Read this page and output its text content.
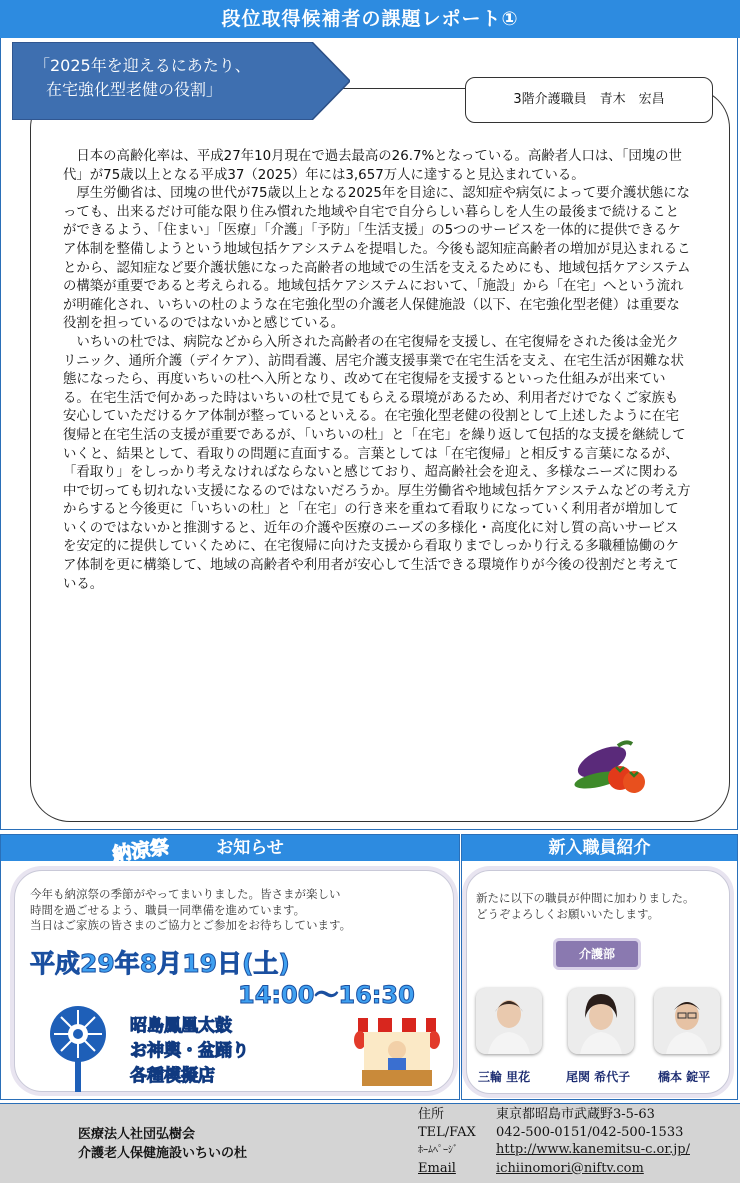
段位取得候補者の課題レポート①
「2025年を迎えるにあたり、
在宅強化型老健の役割」
3階介護職員　青木　宏昌

日本の高齢化率は、平成27年10月現在で過去最高の26.7%となっている。高齢者人口は、「団塊の世代」が75歳以上となる平成37（2025）年には3,657万人に達すると見込まれている。

厚生労働省は、団塊の世代が75歳以上となる2025年を目途に、認知症や病気によって要介護状態になっても、出来るだけ可能な限り住み慣れた地域や自宅で自分らしい暮らしを人生の最後まで続けることができるよう、「住まい」「医療」「介護」「予防」「生活支援」の5つのサービスを一体的に提供できるケア体制を整備しようという地域包括ケアシステムを提唱した。今後も認知症高齢者の増加が見込まれることから、認知症など要介護状態になった高齢者の地域での生活を支えるためにも、地域包括ケアシステムの構築が重要であると考えられる。地域包括ケアシステムにおいて、「施設」から「在宅」へという流れが明確化され、いちいの杜のような在宅強化型の介護老人保健施設（以下、在宅強化型老健）は重要な役割を担っているのではないかと感じている。

いちいの杜では、病院などから入所された高齢者の在宅復帰を支援し、在宅復帰をされた後は金光クリニック、通所介護（デイケア）、訪問看護、居宅介護支援事業で在宅生活を支え、在宅生活が困難な状態になったら、再度いちいの杜へ入所となり、改めて在宅復帰を支援するといった仕組みが出来ている。在宅生活で何かあった時はいちいの杜で見てもらえる環境があるため、利用者だけでなくご家族も安心していただけるケア体制が整っているといえる。在宅強化型老健の役割として上述したように在宅復帰と在宅生活の支援が重要であるが、「いちいの杜」と「在宅」を繰り返して包括的な支援を継続していくと、結果として、看取りの問題に直面する。言葉としては「在宅復帰」と相反する言葉になるが、「看取り」をしっかり考えなければならないと感じており、超高齢社会を迎え、多様なニーズに関わる中で切っても切れない支援になるのではないだろうか。厚生労働省や地域包括ケアシステムなどの考え方からすると今後更に「いちいの杜」と「在宅」の行き来を重ねて看取りになっていく利用者が増加していくのではないかと推測すると、近年の介護や医療のニーズの多様化・高度化に対し質の高いサービスを安定的に提供していくために、在宅復帰に向けた支援から看取りまでしっかり行える多職種協働のケア体制を更に構築して、地域の高齢者や利用者が安心して生活できる環境作りが今後の役割だと考えている。

お知らせ
納涼祭
今年も納涼祭の季節がやってまいりました。皆さまが楽しい
時間を過ごせるよう、職員一同準備を進めています。
当日はご家族の皆さまのご協力とご参加をお待ちしています。
平成29年8月19日(土)
14:00〜16:30
昭島鳳凰太鼓
お神輿・盆踊り
各種模擬店
新入職員紹介
新たに以下の職員が仲間に加わりました。
どうぞよろしくお願いいたします。
介護部
三輪 里花	尾関 希代子 橋本 錠平
医療法人社団弘樹会
介護老人保健施設いちいの杜
住所	東京都昭島市武蔵野3-5-63
TEL/FAX 042-500-0151/042-500-1533
ﾎｰﾑﾍﾟｰｼﾞ	http://www.kanemitsu-c.or.jp/
Email	ichiinomori@niftv.com
